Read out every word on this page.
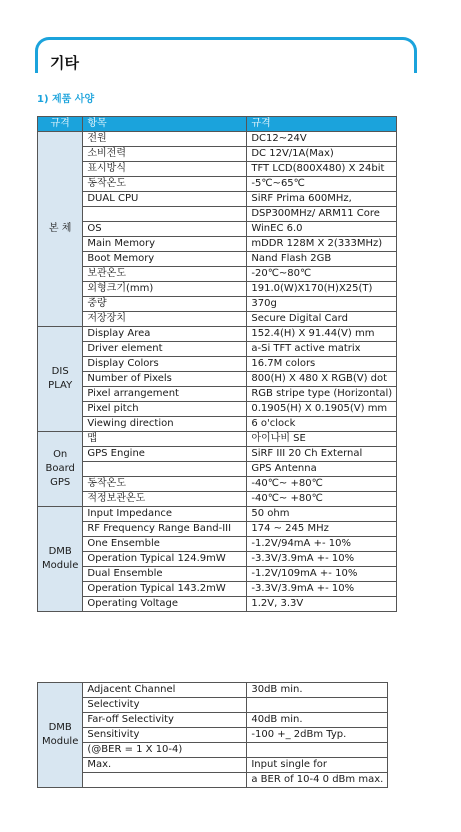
기타
1) 제품 사양
규격	항목	규격
본 체	전원	DC12~24V
	소비전력	DC 12V/1A(Max)
	표시방식	TFT LCD(800X480) X 24bit
	동작온도	-5℃~65℃
	DUAL CPU	SiRF Prima 600MHz,
		DSP300MHz/ ARM11 Core
	OS	WinEC 6.0
	Main Memory	mDDR 128M X 2(333MHz)
	Boot Memory	Nand Flash 2GB
	보관온도	-20℃~80℃
	외형크기(mm)	191.0(W)X170(H)X25(T)
	중량	370g
	저장장치	Secure Digital Card
DIS PLAY	Display Area	152.4(H) X 91.44(V) mm
	Driver element	a-Si TFT active matrix
	Display Colors	16.7M colors
	Number of Pixels	800(H) X 480 X RGB(V) dot
	Pixel arrangement	RGB stripe type (Horizontal)
	Pixel pitch	0.1905(H) X 0.1905(V) mm
	Viewing direction	6 o'clock
On Board GPS	맵	아이나비 SE
	GPS Engine	SiRF III 20 Ch External
		GPS Antenna
	동작온도	-40℃~ +80℃
	적정보관온도	-40℃~ +80℃
DMB Module	Input Impedance	50 ohm
	RF Frequency Range Band-III	174 ~ 245 MHz
	One Ensemble	-1.2V/94mA +- 10%
	Operation Typical 124.9mW	-3.3V/3.9mA +- 10%
	Dual Ensemble	-1.2V/109mA +- 10%
	Operation Typical 143.2mW	-3.3V/3.9mA +- 10%
	Operating Voltage	1.2V, 3.3V
DMB Module	Adjacent Channel	30dB min.
	Selectivity	
	Far-off Selectivity	40dB min.
	Sensitivity	-100 +_ 2dBm Typ.
	(@BER = 1 X 10-4)	
	Max.	Input single for
		a BER of 10-4 0 dBm max.
